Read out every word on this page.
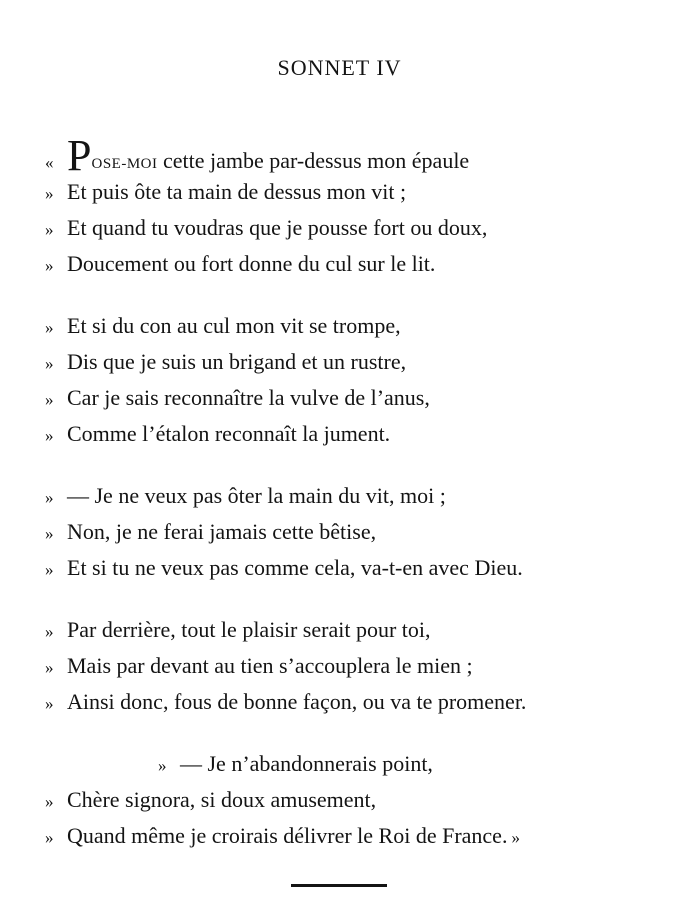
SONNET IV
« POSE-MOI cette jambe par-dessus mon épaule
» Et puis ôte ta main de dessus mon vit ;
» Et quand tu voudras que je pousse fort ou doux,
» Doucement ou fort donne du cul sur le lit.
» Et si du con au cul mon vit se trompe,
» Dis que je suis un brigand et un rustre,
» Car je sais reconnaître la vulve de l’anus,
» Comme l’étalon reconnaît la jument.
» — Je ne veux pas ôter la main du vit, moi ;
» Non, je ne ferai jamais cette bêtise,
» Et si tu ne veux pas comme cela, va-t-en avec Dieu.
» Par derrière, tout le plaisir serait pour toi,
» Mais par devant au tien s’accouplera le mien ;
» Ainsi donc, fous de bonne façon, ou va te promener.
» — Je n’abandonnerais point,
» Chère signora, si doux amusement,
» Quand même je croirais délivrer le Roi de France. »
